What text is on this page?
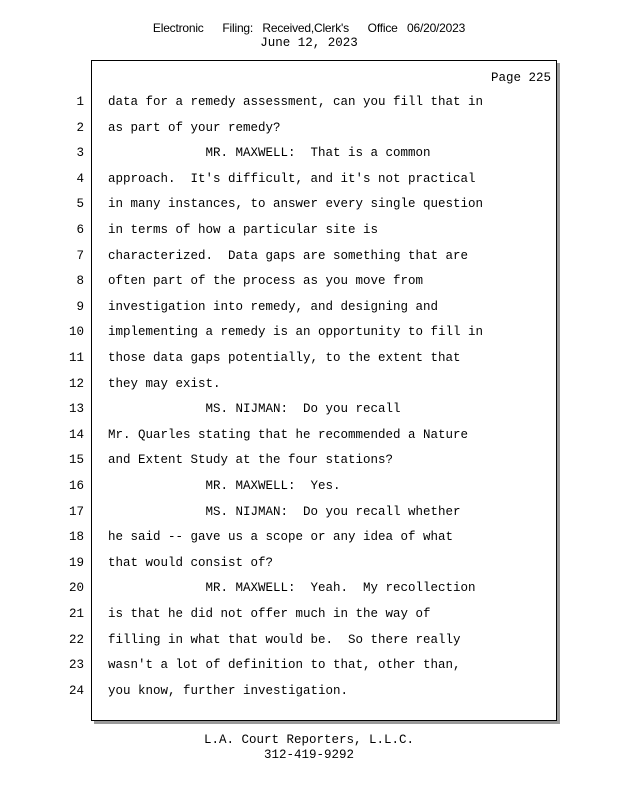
Electronic      Filing:   Received,Clerk's      Office   06/20/2023
June 12, 2023
Page 225
1 data for a remedy assessment, can you fill that in
2 as part of your remedy?
3 MR. MAXWELL:  That is a common
4 approach.  It's difficult, and it's not practical
5 in many instances, to answer every single question
6 in terms of how a particular site is
7 characterized.  Data gaps are something that are
8 often part of the process as you move from
9 investigation into remedy, and designing and
10 implementing a remedy is an opportunity to fill in
11 those data gaps potentially, to the extent that
12 they may exist.
13 MS. NIJMAN:  Do you recall
14 Mr. Quarles stating that he recommended a Nature
15 and Extent Study at the four stations?
16 MR. MAXWELL:  Yes.
17 MS. NIJMAN:  Do you recall whether
18 he said -- gave us a scope or any idea of what
19 that would consist of?
20 MR. MAXWELL:  Yeah.  My recollection
21 is that he did not offer much in the way of
22 filling in what that would be.  So there really
23 wasn't a lot of definition to that, other than,
24 you know, further investigation.
L.A. Court Reporters, L.L.C.
312-419-9292
